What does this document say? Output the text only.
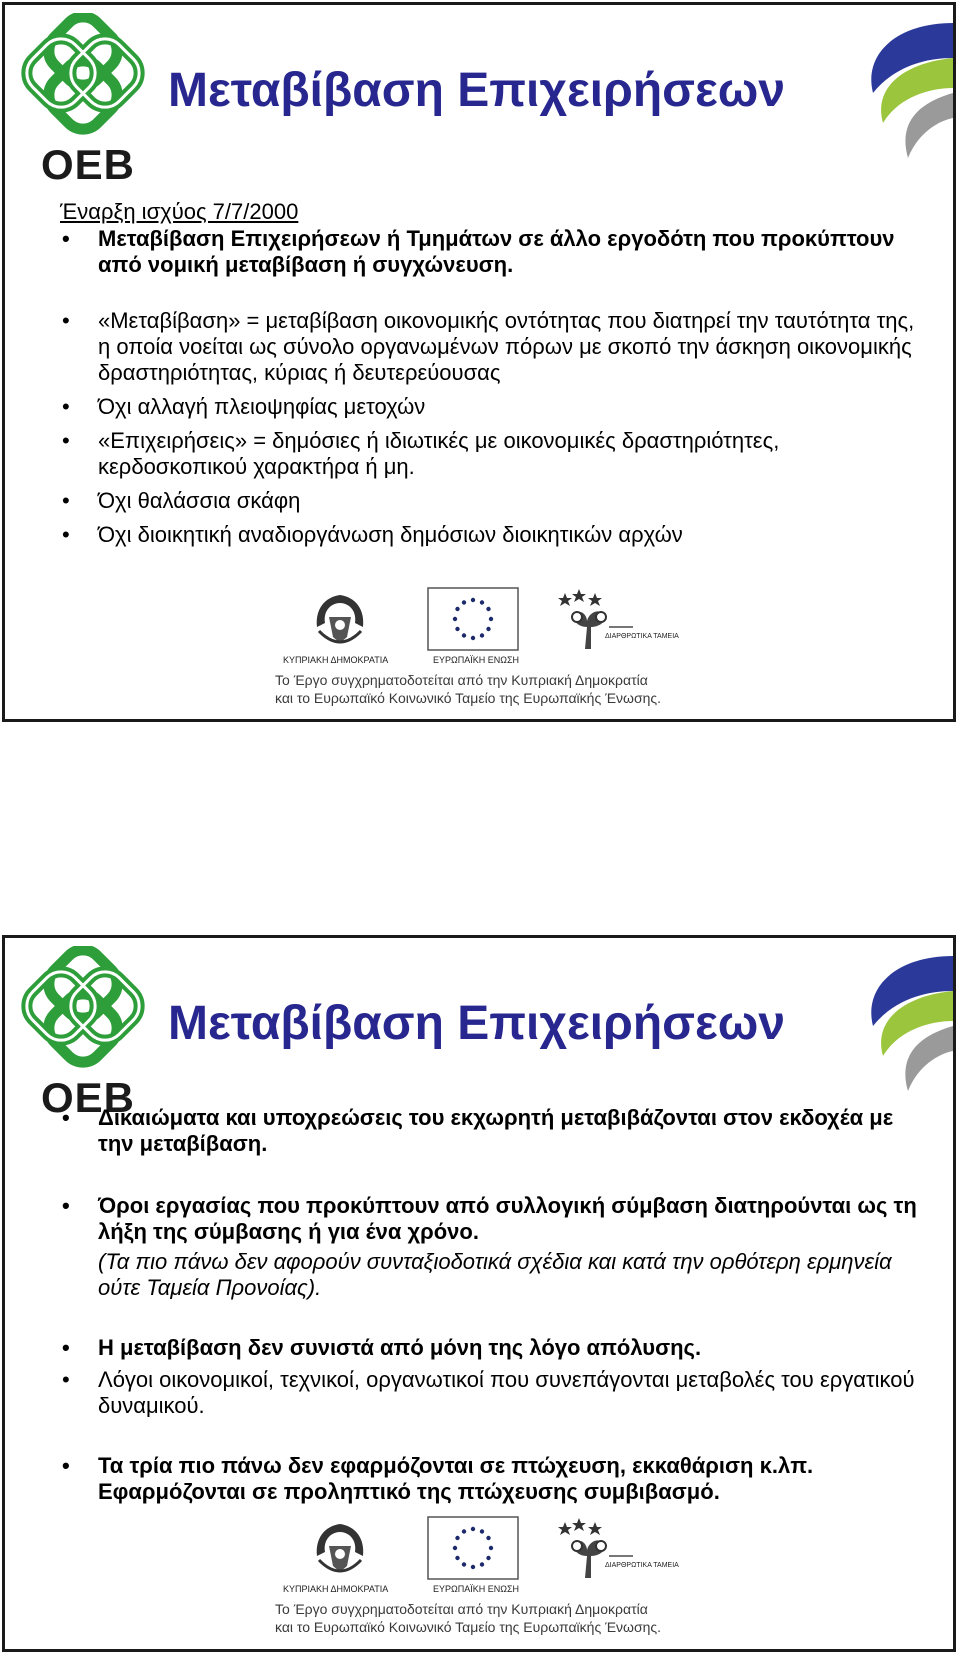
OEB
Μεταβίβαση Επιχειρήσεων
Έναρξη ισχύος 7/7/2000
• Μεταβίβαση Επιχειρήσεων ή Τμημάτων σε άλλο εργοδότη που προκύπτουν από νομική μεταβίβαση ή συγχώνευση.
• «Μεταβίβαση» = μεταβίβαση οικονομικής οντότητας που διατηρεί την ταυτότητα της, η οποία νοείται ως σύνολο οργανωμένων πόρων με σκοπό την άσκηση οικονομικής δραστηριότητας, κύριας ή δευτερεύουσας
• Όχι αλλαγή πλειοψηφίας μετοχών
• «Επιχειρήσεις» = δημόσιες ή ιδιωτικές με οικονομικές δραστηριότητες, κερδοσκοπικού χαρακτήρα ή μη.
• Όχι θαλάσσια σκάφη
• Όχι διοικητική αναδιοργάνωση δημόσιων διοικητικών αρχών
ΚΥΠΡΙΑΚΗ ΔΗΜΟΚΡΑΤΙΑ	ΕΥΡΩΠΑΪΚΗ ΕΝΩΣΗ
ΔΙΑΡΘΡΩΤΙΚΑ ΤΑΜΕΙΑ
Το Έργο συγχρηματοδοτείται από την Κυπριακή Δημοκρατία
και το Ευρωπαϊκό Κοινωνικό Ταμείο της Ευρωπαϊκής Ένωσης.
OEB
Μεταβίβαση Επιχειρήσεων
• Δικαιώματα και υποχρεώσεις του εκχωρητή μεταβιβάζονται στον εκδοχέα με την μεταβίβαση.
• Όροι εργασίας που προκύπτουν από συλλογική σύμβαση διατηρούνται ως τη λήξη της σύμβασης ή για ένα χρόνο.
(Τα πιο πάνω δεν αφορούν συνταξιοδοτικά σχέδια και κατά την ορθότερη ερμηνεία ούτε Ταμεία Προνοίας).
• Η μεταβίβαση δεν συνιστά από μόνη της λόγο απόλυσης.
• Λόγοι οικονομικοί, τεχνικοί, οργανωτικοί που συνεπάγονται μεταβολές του εργατικού δυναμικού.
• Τα τρία πιο πάνω δεν εφαρμόζονται σε πτώχευση, εκκαθάριση κ.λπ. Εφαρμόζονται σε προληπτικό της πτώχευσης συμβιβασμό.
ΚΥΠΡΙΑΚΗ ΔΗΜΟΚΡΑΤΙΑ	ΕΥΡΩΠΑΪΚΗ ΕΝΩΣΗ
ΔΙΑΡΘΡΩΤΙΚΑ ΤΑΜΕΙΑ
Το Έργο συγχρηματοδοτείται από την Κυπριακή Δημοκρατία
και το Ευρωπαϊκό Κοινωνικό Ταμείο της Ευρωπαϊκής Ένωσης.
